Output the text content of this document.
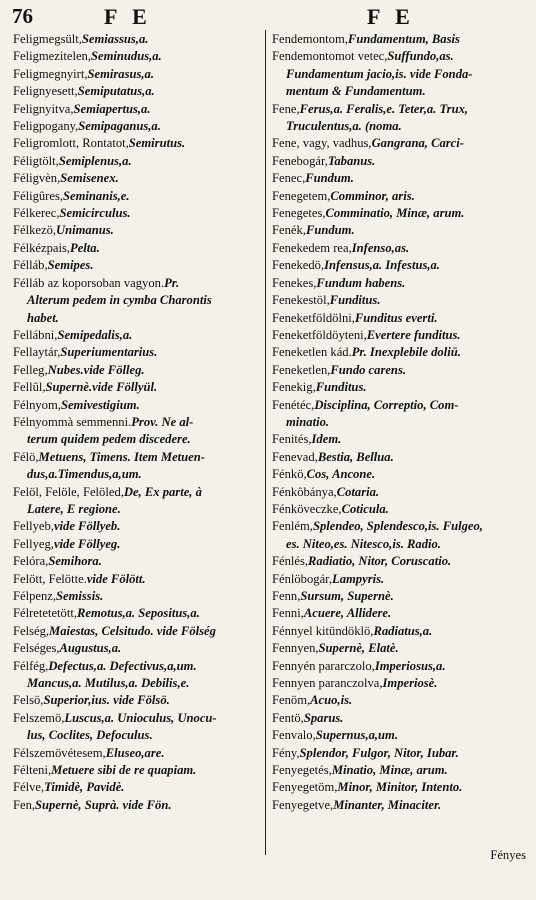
76	F E	F E
Feligmegsült,Semiassus,a.
Feligmezitelen,Seminudus,a.
Feligmegnyirt,Semirasus,a.
Felignyesett,Semiputatus,a.
Felignyitva,Semiapertus,a.
Feligpogany,Semipaganus,a.
Feligromlott, Rontatot,Semirutus.
Féligtölt,Semiplenus,a.
Féligvèn,Semisenex.
Féligûres,Seminanis,e.
Félkerec,Semicirculus.
Félkezö,Unimanus.
Félkézpais,Pelta.
Félláb,Semipes.
Félláb az koporsoban vagyon.Pr.
Alterum pedem in cymba Charontis
habet.
Fellábni,Semipedalis,a.
Fellaytár,Superiumentarius.
Felleg,Nubes.vide Fölleg.
Fellûl,Supernè.vide Föllyül.
Félnyom,Semivestigium.
Félnyommà semmenni.Prov. Ne al-
terum quidem pedem discedere.
Félö,Metuens, Timens. Item Metuen-
dus,a.Timendus,a,um.
Felöl, Felöle, Felöled,De, Ex parte, à
Latere, E regione.
Fellyeb,vide Föllyeb.
Fellyeg,vide Föllyeg.
Felóra,Semihora.
Felött, Felötte.vide Fölött.
Félpenz,Semissis.
Félretetetött,Remotus,a. Sepositus,a.
Felség,Maiestas, Celsitudo. vide Fölség
Felséges,Augustus,a.
Félfég,Defectus,a. Defectivus,a,um.
Mancus,a. Mutilus,a. Debilis,e.
Felsö,Superior,ius. vide Fölsö.
Felszemö,Luscus,a. Unioculus, Unocu-
lus, Coclites, Defoculus.
Félszemövétesem,Eluseo,are.
Félteni,Metuere sibi de re quapiam.
Félve,Timidè, Pavidè.
Fen,Supernè, Suprà. vide Fön.
Fendemontom,Fundamentum, Basis
Fendemontomot vetec,Suffundo,as.
Fundamentum jacio,is. vide Fonda-
mentum & Fundamentum.
Fene,Ferus,a. Feralis,e. Teter,a. Trux,
Truculentus,a. (noma.
Fene, vagy, vadhus,Gangrana, Carci-
Fenebogár,Tabanus.
Fenec,Fundum.
Fenegetem,Comminor, aris.
Fenegetes,Comminatio, Minæ, arum.
Fenék,Fundum.
Fenekedem rea,Infenso,as.
Fenekedö,Infensus,a. Infestus,a.
Fenekes,Fundum habens.
Fenekestöl,Funditus.
Feneketföldölni,Funditus everti.
Feneketföldöyteni,Evertere funditus.
Feneketlen kád.Pr. Inexplebile doliū.
Feneketlen,Fundo carens.
Fenekig,Funditus.
Fenétéc,Disciplina, Correptio, Com-
minatio.
Fenités,Idem.
Fenevad,Bestia, Bellua.
Fénkö,Cos, Ancone.
Fénkôbánya,Cotaria.
Fénköveczke,Coticula.
Fenlém,Splendeo, Splendesco,is. Fulgeo,
es. Niteo,es. Nitesco,is. Radio.
Fénlés,Radiatio, Nitor, Coruscatio.
Fénlöbogár,Lampyris.
Fenn,Sursum, Supernè.
Fenni,Acuere, Allidere.
Fénnyel kitündöklö,Radiatus,a.
Fennyen,Supernè, Elatè.
Fennyén pararczolo,Imperiosus,a.
Fennyen paranczolva,Imperiosè.
Fenöm,Acuo,is.
Fentö,Sparus.
Fenvalo,Supernus,a,um.
Fény,Splendor, Fulgor, Nitor, Iubar.
Fenyegetés,Minatio, Minæ, arum.
Fenyegetöm,Minor, Minitor, Intento.
Fenyegetve,Minanter, Minaciter.
Fényes
